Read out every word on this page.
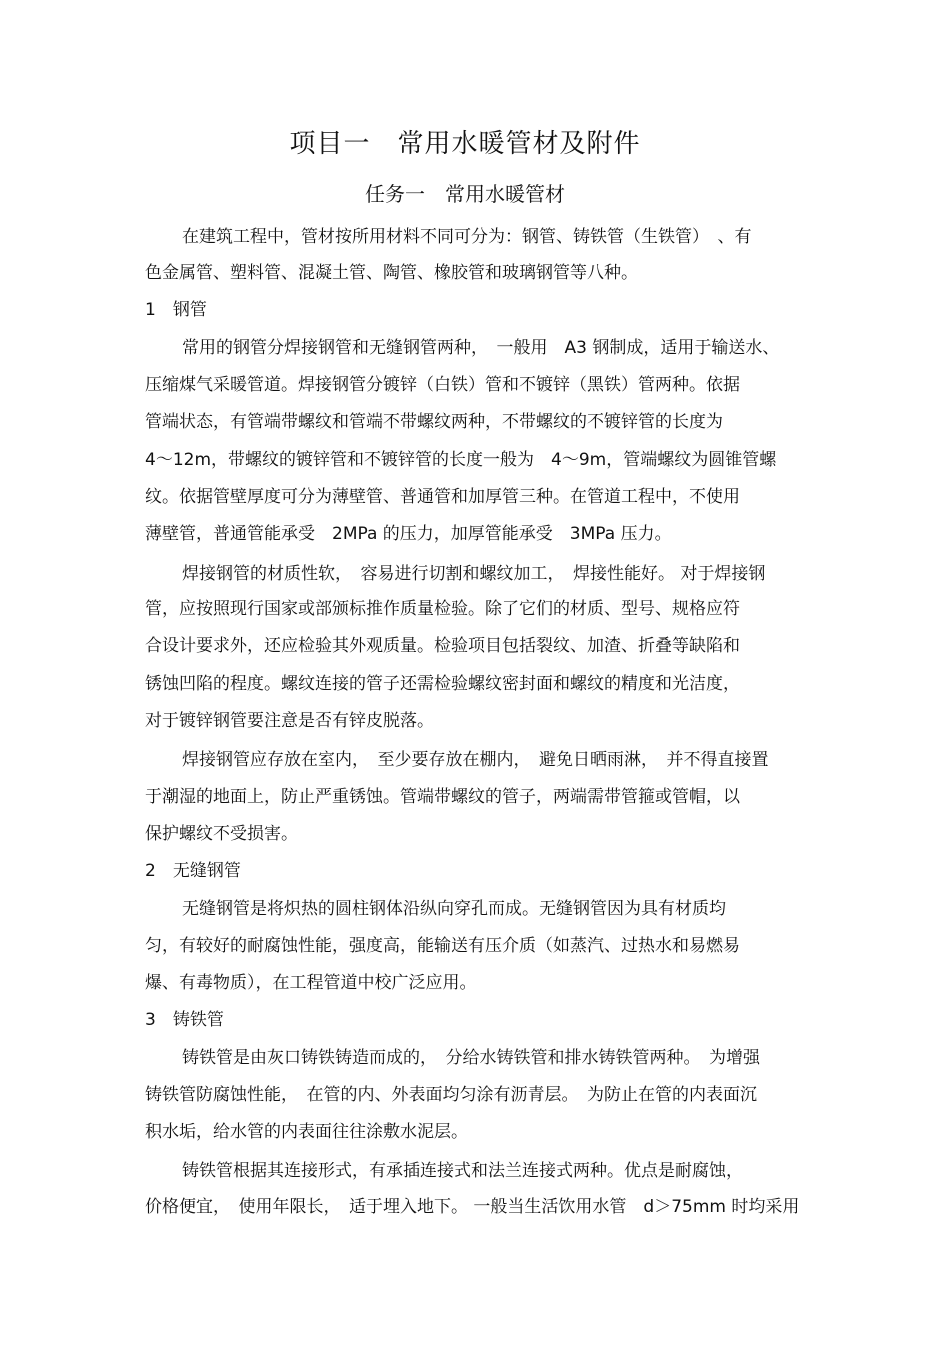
项目一　常用水暖管材及附件
任务一　常用水暖管材
在建筑工程中，管材按所用材料不同可分为：钢管、铸铁管（生铁管）　、有
色金属管、塑料管、混凝土管、陶管、橡胶管和玻璃钢管等八种。
1　钢管
常用的钢管分焊接钢管和无缝钢管两种，　一般用　A3 钢制成，适用于输送水、
压缩煤气采暖管道。焊接钢管分镀锌（白铁）管和不镀锌（黑铁）管两种。依据
管端状态，有管端带螺纹和管端不带螺纹两种，不带螺纹的不镀锌管的长度为
4～12m，带螺纹的镀锌管和不镀锌管的长度一般为　4～9m，管端螺纹为圆锥管螺
纹。依据管壁厚度可分为薄壁管、普通管和加厚管三种。在管道工程中，不使用
薄壁管，普通管能承受　2MPa 的压力，加厚管能承受　3MPa 压力。
焊接钢管的材质性软，　容易进行切割和螺纹加工，　焊接性能好。 对于焊接钢
管，应按照现行国家或部颁标推作质量检验。除了它们的材质、型号、规格应符
合设计要求外，还应检验其外观质量。检验项目包括裂纹、加渣、折叠等缺陷和
锈蚀凹陷的程度。螺纹连接的管子还需检验螺纹密封面和螺纹的精度和光洁度，
对于镀锌钢管要注意是否有锌皮脱落。
焊接钢管应存放在室内，　至少要存放在棚内，　避免日晒雨淋，　并不得直接置
于潮湿的地面上，防止严重锈蚀。管端带螺纹的管子，两端需带管箍或管帽，以
保护螺纹不受损害。
2　无缝钢管
无缝钢管是将炽热的圆柱钢体沿纵向穿孔而成。无缝钢管因为具有材质均
匀，有较好的耐腐蚀性能，强度高，能输送有压介质（如蒸汽、过热水和易燃易
爆、有毒物质），在工程管道中校广泛应用。
3　铸铁管
铸铁管是由灰口铸铁铸造而成的，　分给水铸铁管和排水铸铁管两种。　为增强
铸铁管防腐蚀性能，　在管的内、外表面均匀涂有沥青层。　为防止在管的内表面沉
积水垢，给水管的内表面往往涂敷水泥层。
铸铁管根据其连接形式，有承插连接式和法兰连接式两种。优点是耐腐蚀，
价格便宜，　使用年限长，　适于埋入地下。 一般当生活饮用水管　d＞75mm 时均采用
